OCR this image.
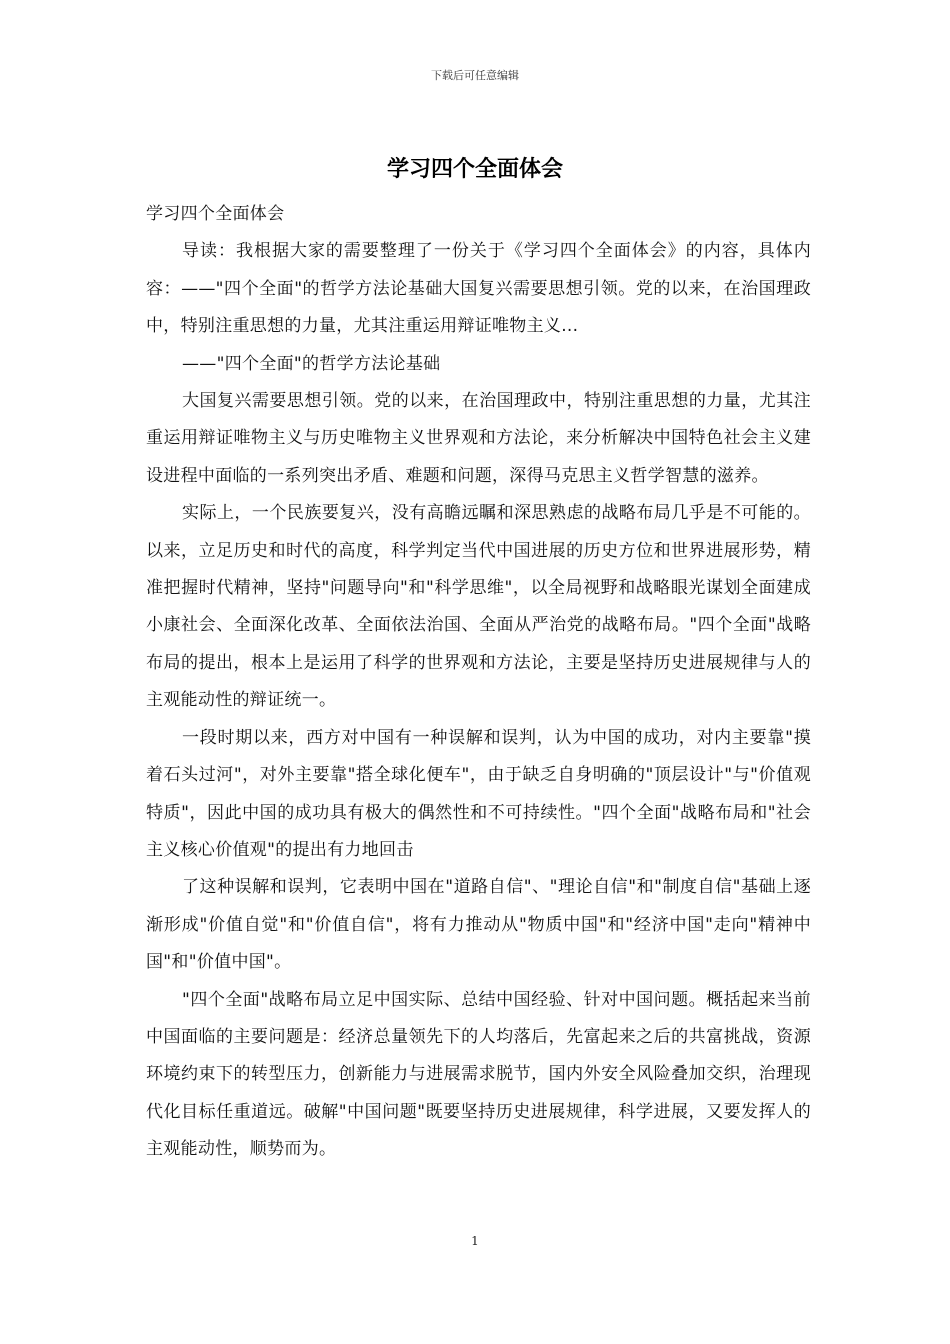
下载后可任意编辑
学习四个全面体会

学习四个全面体会

导读：我根据大家的需要整理了一份关于《学习四个全面体会》的内容，具体内容：——"四个全面"的哲学方法论基础大国复兴需要思想引领。党的以来，在治国理政中，特别注重思想的力量，尤其注重运用辩证唯物主义...

——"四个全面"的哲学方法论基础

大国复兴需要思想引领。党的以来，在治国理政中，特别注重思想的力量，尤其注重运用辩证唯物主义与历史唯物主义世界观和方法论，来分析解决中国特色社会主义建设进程中面临的一系列突出矛盾、难题和问题，深得马克思主义哲学智慧的滋养。

实际上，一个民族要复兴，没有高瞻远瞩和深思熟虑的战略布局几乎是不可能的。以来，立足历史和时代的高度，科学判定当代中国进展的历史方位和世界进展形势，精准把握时代精神，坚持"问题导向"和"科学思维"，以全局视野和战略眼光谋划全面建成小康社会、全面深化改革、全面依法治国、全面从严治党的战略布局。"四个全面"战略布局的提出，根本上是运用了科学的世界观和方法论，主要是坚持历史进展规律与人的主观能动性的辩证统一。

一段时期以来，西方对中国有一种误解和误判，认为中国的成功，对内主要靠"摸着石头过河"，对外主要靠"搭全球化便车"，由于缺乏自身明确的"顶层设计"与"价值观特质"，因此中国的成功具有极大的偶然性和不可持续性。"四个全面"战略布局和"社会主义核心价值观"的提出有力地回击

了这种误解和误判，它表明中国在"道路自信"、"理论自信"和"制度自信"基础上逐渐形成"价值自觉"和"价值自信"，将有力推动从"物质中国"和"经济中国"走向"精神中国"和"价值中国"。

"四个全面"战略布局立足中国实际、总结中国经验、针对中国问题。概括起来当前中国面临的主要问题是：经济总量领先下的人均落后，先富起来之后的共富挑战，资源环境约束下的转型压力，创新能力与进展需求脱节，国内外安全风险叠加交织，治理现代化目标任重道远。破解"中国问题"既要坚持历史进展规律，科学进展，又要发挥人的主观能动性，顺势而为。

1
